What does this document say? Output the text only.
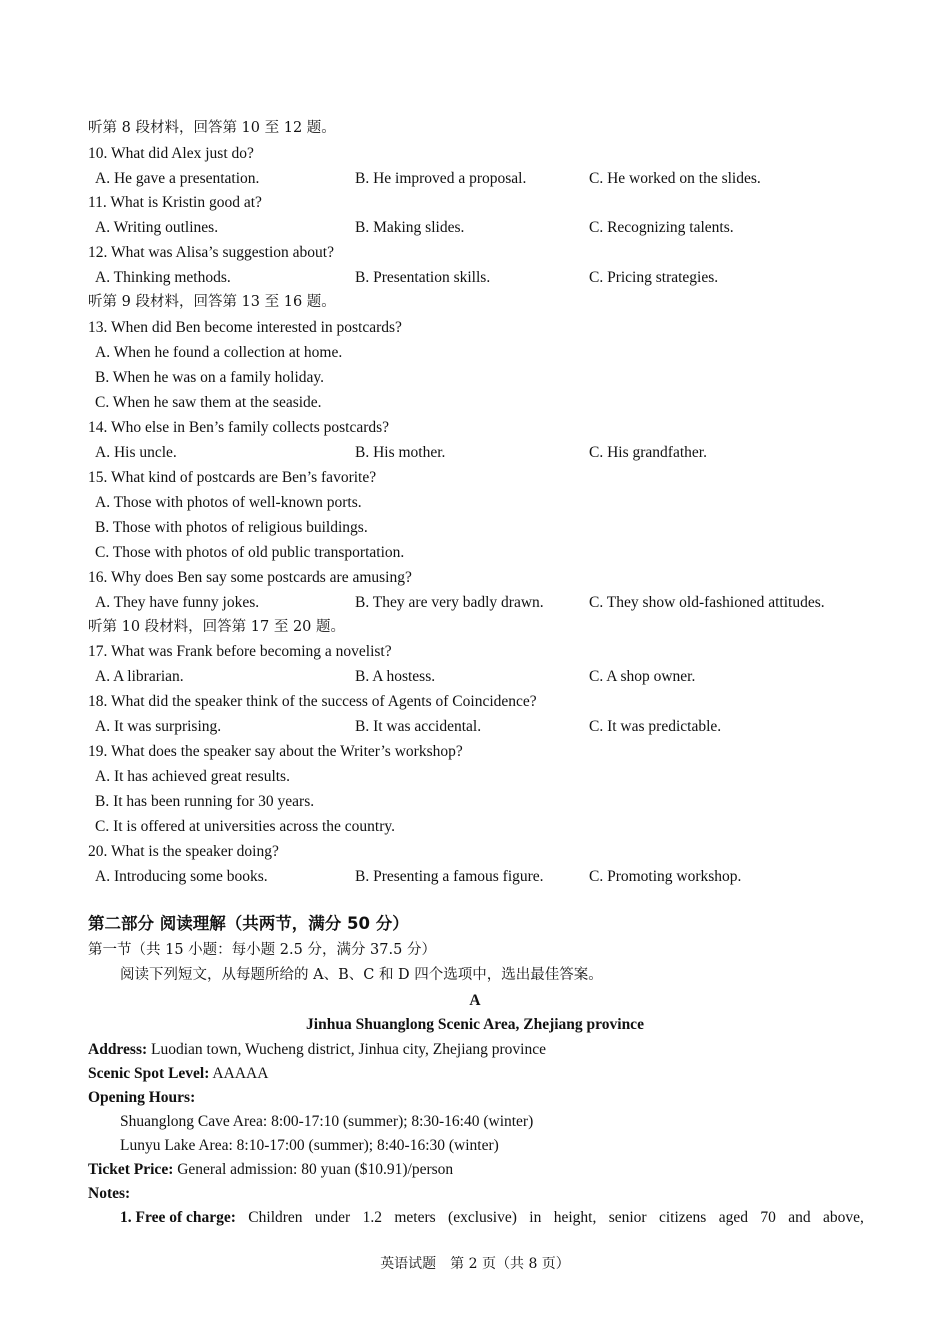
听第 8 段材料，回答第 10 至 12 题。
10. What did Alex just do?
A. He gave a presentation.	B. He improved a proposal.	C. He worked on the slides.
11. What is Kristin good at?
A. Writing outlines.	B. Making slides.	C. Recognizing talents.
12. What was Alisa’s suggestion about?
A. Thinking methods.	B. Presentation skills.	C. Pricing strategies.
听第 9 段材料，回答第 13 至 16 题。
13. When did Ben become interested in postcards?
A. When he found a collection at home.
B. When he was on a family holiday.
C. When he saw them at the seaside.
14. Who else in Ben’s family collects postcards?
A. His uncle.	B. His mother.	C. His grandfather.
15. What kind of postcards are Ben’s favorite?
A. Those with photos of well-known ports.
B. Those with photos of religious buildings.
C. Those with photos of old public transportation.
16. Why does Ben say some postcards are amusing?
A. They have funny jokes.	B. They are very badly drawn.	C. They show old-fashioned attitudes.
听第 10 段材料，回答第 17 至 20 题。
17. What was Frank before becoming a novelist?
A. A librarian.	B. A hostess.	C. A shop owner.
18. What did the speaker think of the success of Agents of Coincidence?
A. It was surprising.	B. It was accidental.	C. It was predictable.
19. What does the speaker say about the Writer’s workshop?
A. It has achieved great results.
B. It has been running for 30 years.
C. It is offered at universities across the country.
20. What is the speaker doing?
A. Introducing some books.	B. Presenting a famous figure.	C. Promoting workshop.
第二部分 阅读理解（共两节，满分 50 分）
第一节（共 15 小题：每小题 2.5 分，满分 37.5 分）
阅读下列短文，从每题所给的 A、B、C 和 D 四个选项中，选出最佳答案。
A
Jinhua Shuanglong Scenic Area, Zhejiang province
Address: Luodian town, Wucheng district, Jinhua city, Zhejiang province
Scenic Spot Level: AAAAA
Opening Hours:
Shuanglong Cave Area: 8:00-17:10 (summer); 8:30-16:40 (winter)
Lunyu Lake Area: 8:10-17:00 (summer); 8:40-16:30 (winter)
Ticket Price: General admission: 80 yuan ($10.91)/person
Notes:
1. Free of charge: Children under 1.2 meters (exclusive) in height, senior citizens aged 70 and above,
英语试题　第 2 页（共 8 页）
